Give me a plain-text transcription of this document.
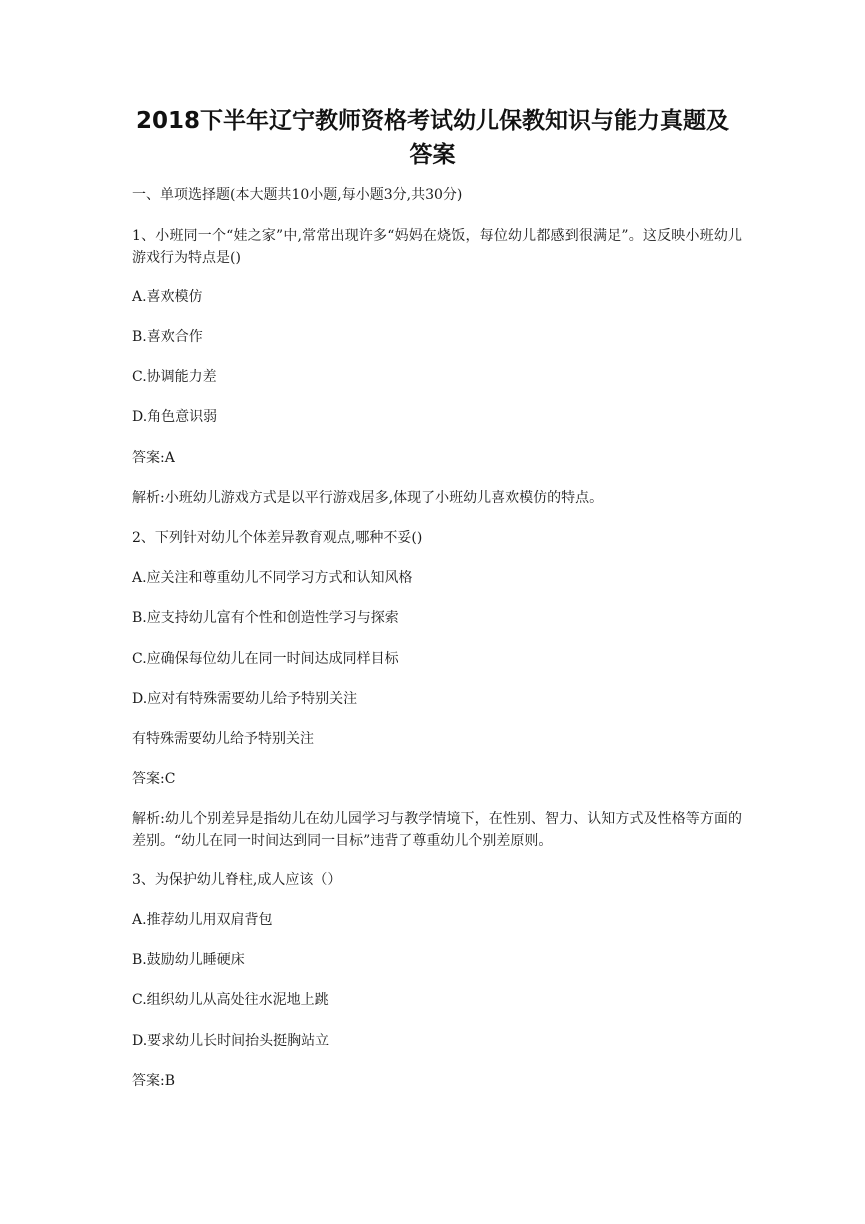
2018下半年辽宁教师资格考试幼儿保教知识与能力真题及
答案

一、单项选择题(本大题共10小题,每小题3分,共30分)

1、小班同一个“娃之家”中,常常出现许多“妈妈在烧饭，每位幼儿都感到很满足”。这反映小班幼儿游戏行为特点是()

A.喜欢模仿

B.喜欢合作

C.协调能力差

D.角色意识弱

答案:A

解析:小班幼儿游戏方式是以平行游戏居多,体现了小班幼儿喜欢模仿的特点。

2、下列针对幼儿个体差异教育观点,哪种不妥()

A.应关注和尊重幼儿不同学习方式和认知风格

B.应支持幼儿富有个性和创造性学习与探索

C.应确保每位幼儿在同一时间达成同样目标

D.应对有特殊需要幼儿给予特别关注

有特殊需要幼儿给予特别关注

答案:C

解析:幼儿个别差异是指幼儿在幼儿园学习与教学情境下，在性别、智力、认知方式及性格等方面的差别。“幼儿在同一时间达到同一目标”违背了尊重幼儿个别差原则。

3、为保护幼儿脊柱,成人应该（）

A.推荐幼儿用双肩背包

B.鼓励幼儿睡硬床

C.组织幼儿从高处往水泥地上跳

D.要求幼儿长时间抬头挺胸站立

答案:B
